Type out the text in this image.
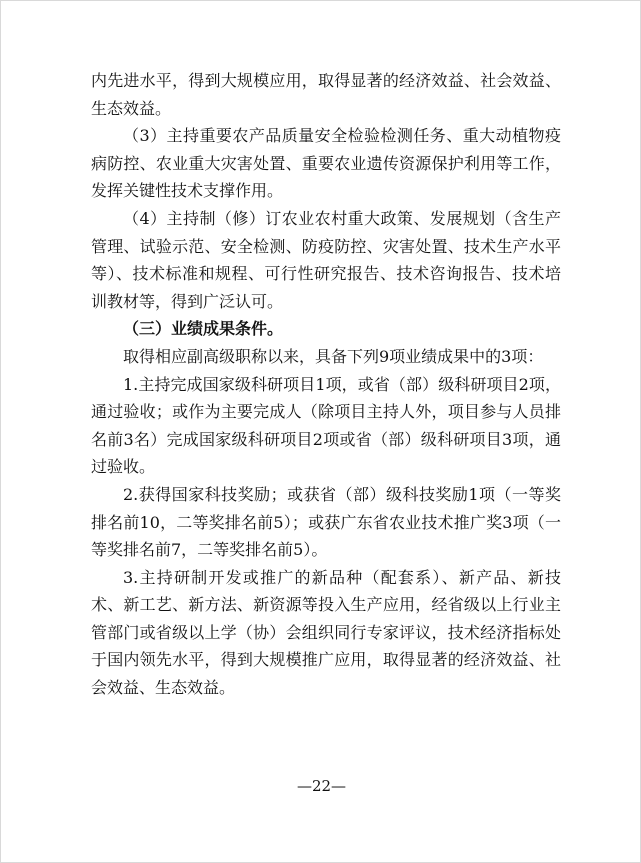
内先进水平，得到大规模应用，取得显著的经济效益、社会效益、生态效益。

（3）主持重要农产品质量安全检验检测任务、重大动植物疫病防控、农业重大灾害处置、重要农业遗传资源保护利用等工作，发挥关键性技术支撑作用。

（4）主持制（修）订农业农村重大政策、发展规划（含生产管理、试验示范、安全检测、防疫防控、灾害处置、技术生产水平等）、技术标准和规程、可行性研究报告、技术咨询报告、技术培训教材等，得到广泛认可。

（三）业绩成果条件。

取得相应副高级职称以来，具备下列9项业绩成果中的3项：

1.主持完成国家级科研项目1项，或省（部）级科研项目2项，通过验收；或作为主要完成人（除项目主持人外，项目参与人员排名前3名）完成国家级科研项目2项或省（部）级科研项目3项，通过验收。

2.获得国家科技奖励；或获省（部）级科技奖励1项（一等奖排名前10，二等奖排名前5）；或获广东省农业技术推广奖3项（一等奖排名前7，二等奖排名前5）。

3.主持研制开发或推广的新品种（配套系）、新产品、新技术、新工艺、新方法、新资源等投入生产应用，经省级以上行业主管部门或省级以上学（协）会组织同行专家评议，技术经济指标处于国内领先水平，得到大规模推广应用，取得显著的经济效益、社会效益、生态效益。

—22—
